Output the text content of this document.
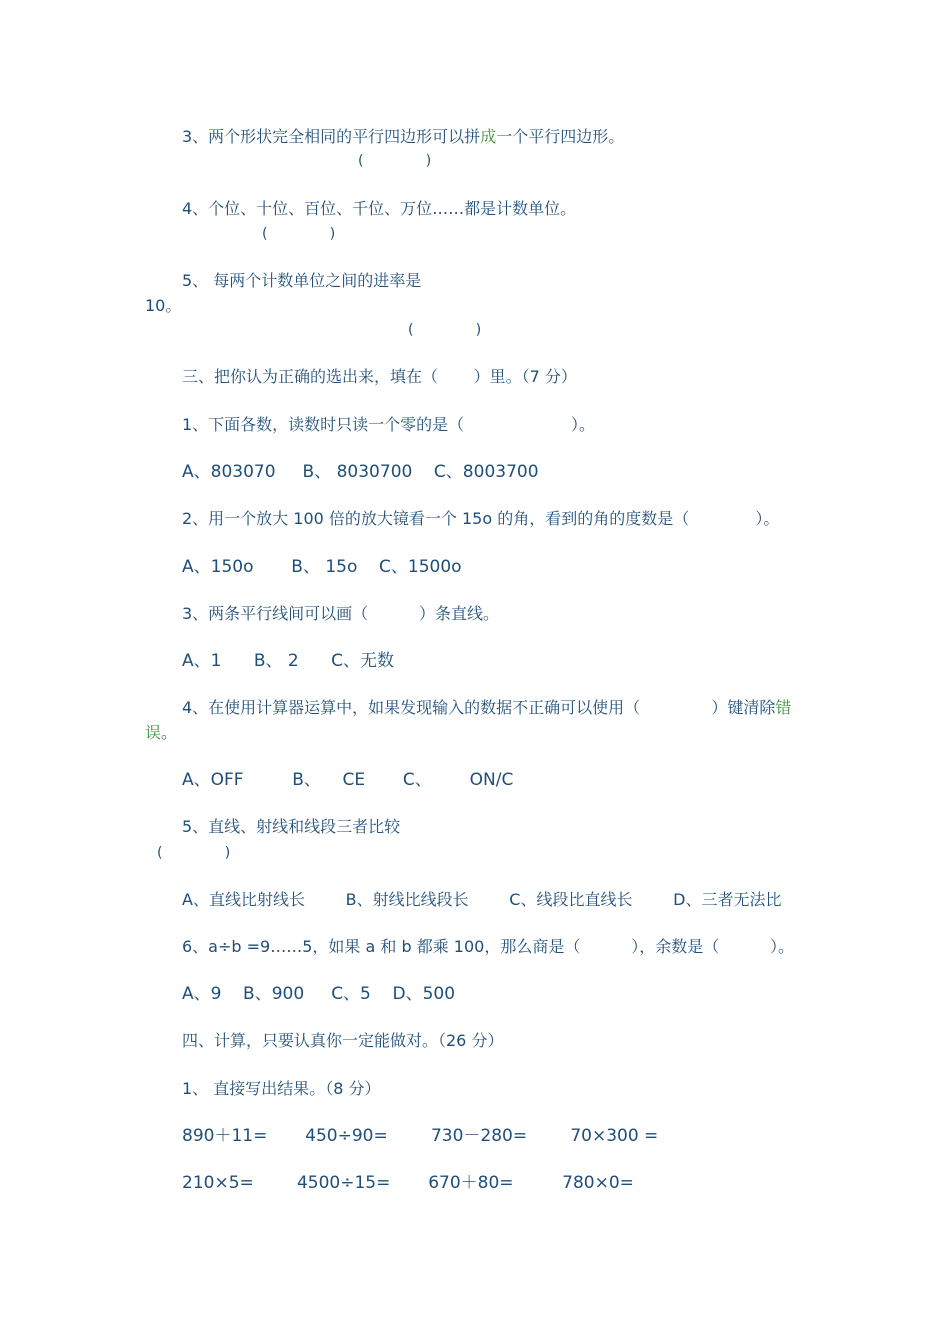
3、两个形状完全相同的平行四边形可以拼成一个平行四边形。
(              )
4、个位、十位、百位、千位、万位……都是计数单位。
(              )
5、 每两个计数单位之间的进率是
10。
(              )
三、把你认为正确的选出来，填在（       ）里。（7 分）
1、下面各数，读数时只读一个零的是（                     ）。
A、803070     B、 8030700    C、8003700
2、用一个放大 100 倍的放大镜看一个 15o 的角，看到的角的度数是（             ）。
A、150o       B、 15o    C、1500o
3、两条平行线间可以画（          ）条直线。
A、1      B、 2      C、无数
4、在使用计算器运算中，如果发现输入的数据不正确可以使用（              ）键清除错
误。
A、OFF         B、    CE       C、       ON/C
5、直线、射线和线段三者比较
(              )
A、直线比射线长        B、射线比线段长        C、线段比直线长        D、三者无法比
6、a÷b =9……5，如果 a 和 b 都乘 100，那么商是（          ），余数是（          ）。
A、9    B、900     C、5    D、500
四、计算，只要认真你一定能做对。（26 分）
1、 直接写出结果。（8 分）
890＋11=       450÷90=        730－280=        70×300 =
210×5=        4500÷15=       670＋80=         780×0=
